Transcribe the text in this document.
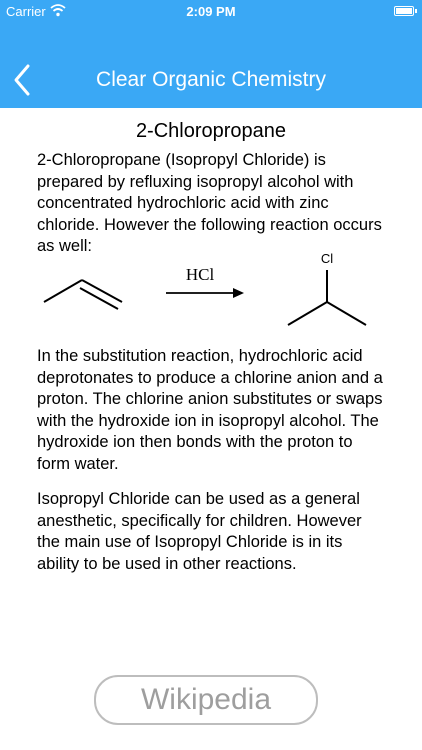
Carrier	2:09 PM
Clear Organic Chemistry
2-Chloropropane

2-Chloropropane (Isopropyl Chloride) is prepared by refluxing isopropyl alcohol with concentrated hydrochloric acid with zinc chloride. However the following reaction occurs as well:

HCl
Cl

In the substitution reaction, hydrochloric acid deprotonates to produce a chlorine anion and a proton. The chlorine anion substitutes or swaps with the hydroxide ion in isopropyl alcohol. The hydroxide ion then bonds with the proton to form water.

Isopropyl Chloride can be used as a general anesthetic, specifically for children. However the main use of Isopropyl Chloride is in its ability to be used in other reactions.

Wikipedia
